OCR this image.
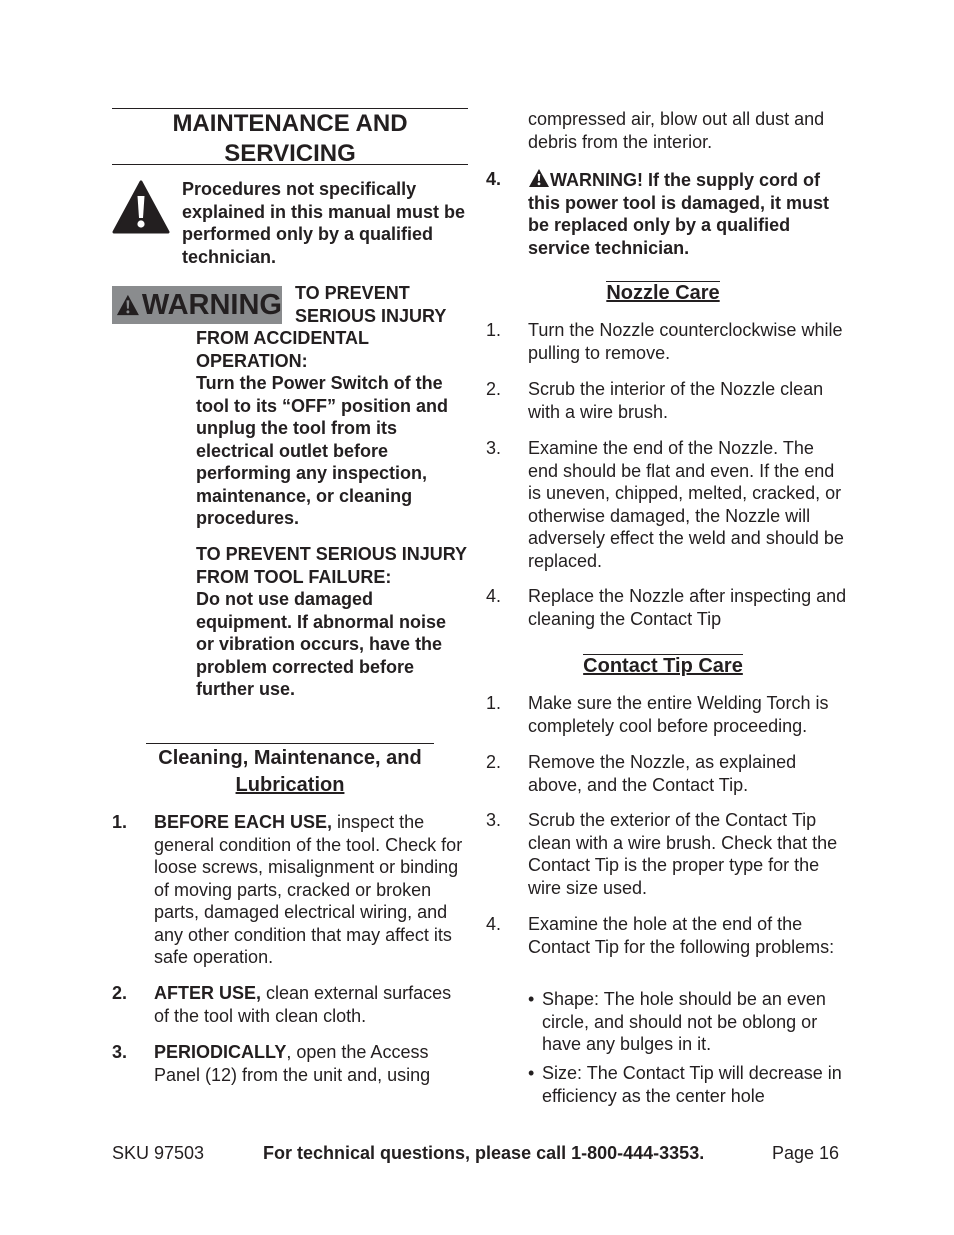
MAINTENANCE AND SERVICING
Procedures not specifically explained in this manual must be performed only by a qualified technician.
WARNING TO PREVENT SERIOUS INJURY
FROM ACCIDENTAL OPERATION:
Turn the Power Switch of the tool to its “OFF” position and unplug the tool from its electrical outlet before performing any inspection, maintenance, or cleaning procedures.
TO PREVENT SERIOUS INJURY FROM TOOL FAILURE:
Do not use damaged equipment. If abnormal noise or vibration occurs, have the problem corrected before further use.
Cleaning, Maintenance, and
Lubrication
1. BEFORE EACH USE, inspect the general condition of the tool. Check for loose screws, misalignment or binding of moving parts, cracked or broken parts, damaged electrical wiring, and any other condition that may affect its safe operation.
2. AFTER USE, clean external surfaces of the tool with clean cloth.
3. PERIODICALLY, open the Access Panel (12) from the unit and, using
compressed air, blow out all dust and debris from the interior.
4.	WARNING! If the supply cord of this power tool is damaged, it must be replaced only by a qualified service technician.
Nozzle Care
1. Turn the Nozzle counterclockwise while pulling to remove.
2. Scrub the interior of the Nozzle clean with a wire brush.
3. Examine the end of the Nozzle. The end should be flat and even. If the end is uneven, chipped, melted, cracked, or otherwise damaged, the Nozzle will adversely effect the weld and should be replaced.
4. Replace the Nozzle after inspecting and cleaning the Contact Tip
Contact Tip Care
1. Make sure the entire Welding Torch is completely cool before proceeding.
2. Remove the Nozzle, as explained above, and the Contact Tip.
3. Scrub the exterior of the Contact Tip clean with a wire brush. Check that the Contact Tip is the proper type for the wire size used.
4. Examine the hole at the end of the Contact Tip for the following problems:
• Shape: The hole should be an even circle, and should not be oblong or have any bulges in it.
• Size: The Contact Tip will decrease in efficiency as the center hole
SKU 97503	For technical questions, please call 1-800-444-3353.	Page 16
